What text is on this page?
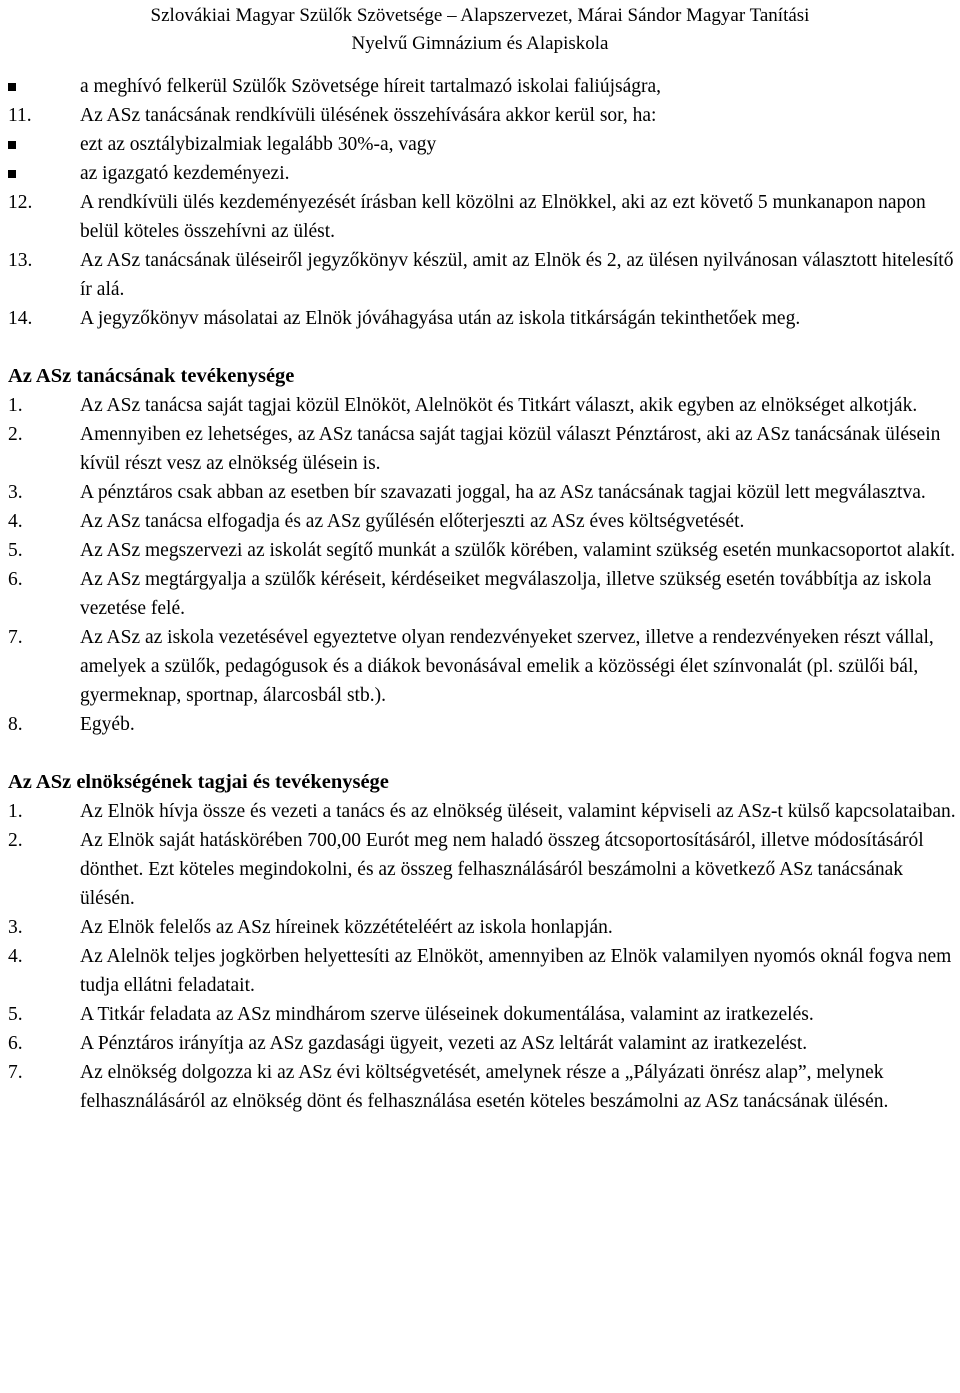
Szlovákiai Magyar Szülők Szövetsége – Alapszervezet, Márai Sándor Magyar Tanítási
Nyelvű Gimnázium és Alapiskola
a meghívó felkerül Szülők Szövetsége híreit tartalmazó iskolai faliújságra,
11.	Az ASz tanácsának rendkívüli ülésének összehívására akkor kerül sor, ha:
ezt az osztálybizalmiak legalább 30%-a, vagy
az igazgató kezdeményezi.
12.	A rendkívüli ülés kezdeményezését írásban kell közölni az Elnökkel, aki az ezt követő 5 munkanapon napon belül köteles összehívni az ülést.
13.	Az ASz tanácsának üléseiről jegyzőkönyv készül, amit az Elnök és 2, az ülésen nyilvánosan választott hitelesítő ír alá.
14.	A jegyzőkönyv másolatai az Elnök jóváhagyása után az iskola titkárságán tekinthetőek meg.
Az ASz tanácsának tevékenysége
1.	Az ASz tanácsa saját tagjai közül Elnököt, Alelnököt és Titkárt választ, akik egyben az elnökséget alkotják.
2.	Amennyiben ez lehetséges, az ASz tanácsa saját tagjai közül választ Pénztárost, aki az ASz tanácsának ülésein kívül részt vesz az elnökség ülésein is.
3.	A pénztáros csak abban az esetben bír szavazati joggal, ha az ASz tanácsának tagjai közül lett megválasztva.
4.	Az ASz tanácsa elfogadja és az ASz gyűlésén előterjeszti az ASz éves költségvetését.
5.	Az ASz megszervezi az iskolát segítő munkát a szülők körében, valamint szükség esetén munkacsoportot alakít.
6.	Az ASz megtárgyalja a szülők kéréseit, kérdéseiket megválaszolja, illetve szükség esetén továbbítja az iskola vezetése felé.
7.	Az ASz az iskola vezetésével egyeztetve olyan rendezvényeket szervez, illetve a rendezvényeken részt vállal, amelyek a szülők, pedagógusok és a diákok bevonásával emelik a közösségi élet színvonalát (pl. szülői bál, gyermeknap, sportnap, álarcosbál stb.).
8.	Egyéb.
Az ASz elnökségének tagjai és tevékenysége
1.	Az Elnök hívja össze és vezeti a tanács és az elnökség üléseit, valamint képviseli az ASz-t külső kapcsolataiban.
2.	Az Elnök saját hatáskörében 700,00 Eurót meg nem haladó összeg átcsoportosításáról, illetve módosításáról dönthet. Ezt köteles megindokolni, és az összeg felhasználásáról beszámolni a következő ASz tanácsának ülésén.
3.	Az Elnök felelős az ASz híreinek közzétételéért az iskola honlapján.
4.	Az Alelnök teljes jogkörben helyettesíti az Elnököt, amennyiben az Elnök valamilyen nyomós oknál fogva nem tudja ellátni feladatait.
5.	A Titkár feladata az ASz mindhárom szerve üléseinek dokumentálása, valamint az iratkezelés.
6.	A Pénztáros irányítja az ASz gazdasági ügyeit, vezeti az ASz leltárát valamint az iratkezelést.
7.	Az elnökség dolgozza ki az ASz évi költségvetését, amelynek része a „Pályázati önrész alap”, melynek felhasználásáról az elnökség dönt és felhasználása esetén köteles beszámolni az ASz tanácsának ülésén.
